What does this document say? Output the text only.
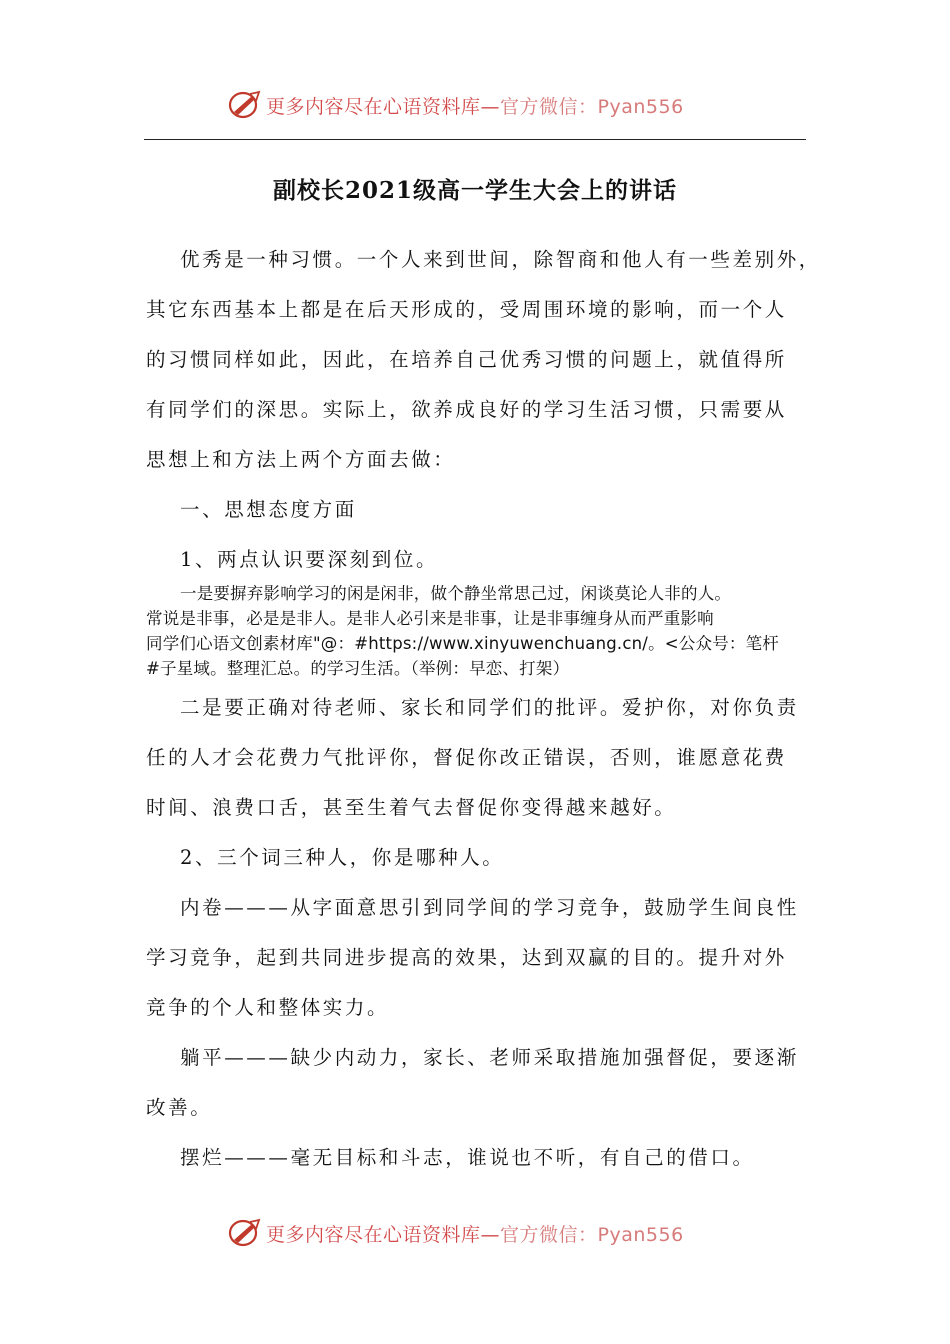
更多内容尽在心语资料库—官方微信：Pyan556
副校长2021级高一学生大会上的讲话
优秀是一种习惯。一个人来到世间，除智商和他人有一些差别外，
其它东西基本上都是在后天形成的，受周围环境的影响，而一个人
的习惯同样如此，因此，在培养自己优秀习惯的问题上，就值得所
有同学们的深思。实际上，欲养成良好的学习生活习惯，只需要从
思想上和方法上两个方面去做：
一、思想态度方面
1、两点认识要深刻到位。
一是要摒弃影响学习的闲是闲非，做个静坐常思己过，闲谈莫论人非的人。
常说是非事，必是是非人。是非人必引来是非事，让是非事缠身从而严重影响
同学们心语文创素材库"@：#https://www.xinyuwenchuang.cn/。<公众号：笔杆
#子星域。整理汇总。的学习生活。（举例：早恋、打架）
二是要正确对待老师、家长和同学们的批评。爱护你，对你负责
任的人才会花费力气批评你，督促你改正错误，否则，谁愿意花费
时间、浪费口舌，甚至生着气去督促你变得越来越好。
2、三个词三种人，你是哪种人。
内卷———从字面意思引到同学间的学习竞争，鼓励学生间良性
学习竞争，起到共同进步提高的效果，达到双赢的目的。提升对外
竞争的个人和整体实力。
躺平———缺少内动力，家长、老师采取措施加强督促，要逐渐
改善。
摆烂———毫无目标和斗志，谁说也不听，有自己的借口。
更多内容尽在心语资料库—官方微信：Pyan556
